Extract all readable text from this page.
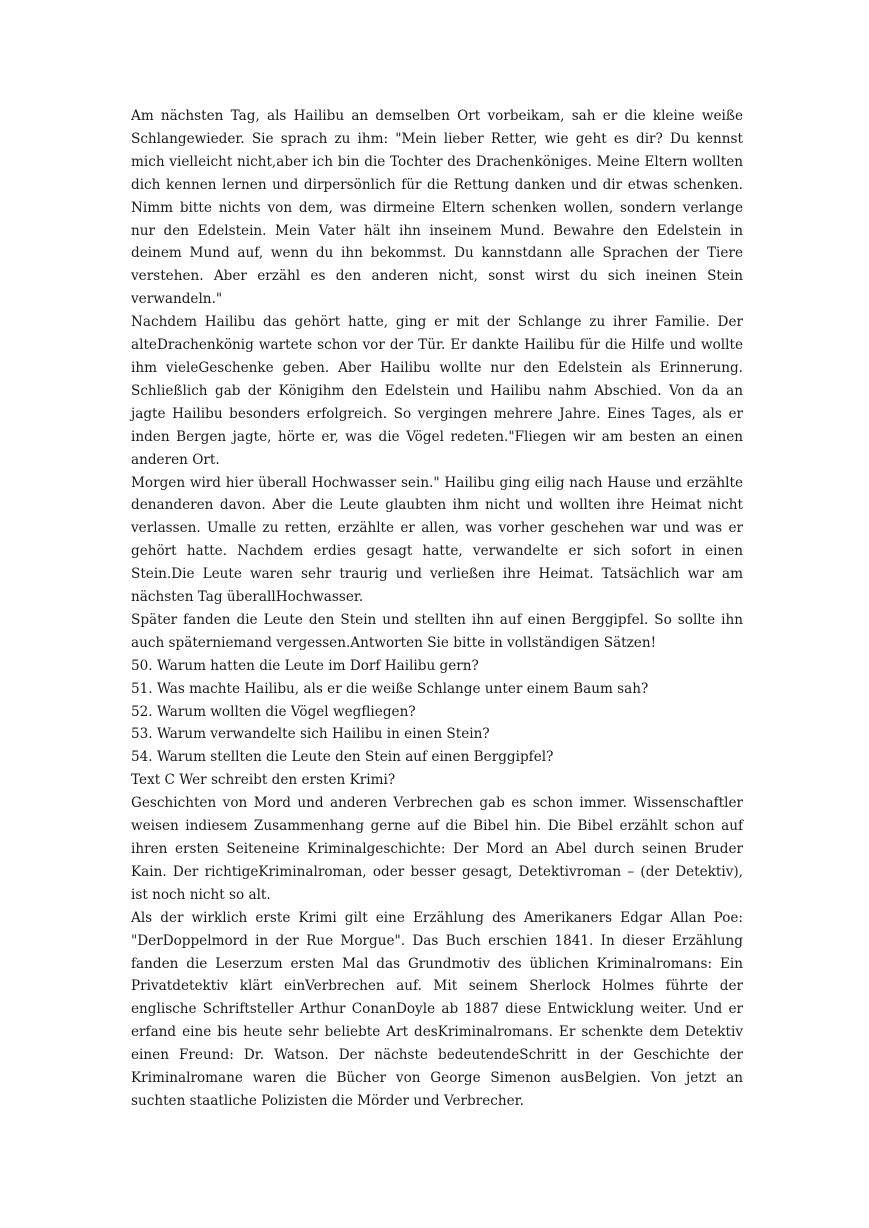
Am nächsten Tag, als Hailibu an demselben Ort vorbeikam, sah er die kleine weiße Schlangewieder. Sie sprach zu ihm: "Mein lieber Retter, wie geht es dir? Du kennst mich vielleicht nicht,aber ich bin die Tochter des Drachenköniges. Meine Eltern wollten dich kennen lernen und dirpersönlich für die Rettung danken und dir etwas schenken. Nimm bitte nichts von dem, was dirmeine Eltern schenken wollen, sondern verlange nur den Edelstein. Mein Vater hält ihn inseinem Mund. Bewahre den Edelstein in deinem Mund auf, wenn du ihn bekommst. Du kannstdann alle Sprachen der Tiere verstehen. Aber erzähl es den anderen nicht, sonst wirst du sich ineinen Stein verwandeln."

Nachdem Hailibu das gehört hatte, ging er mit der Schlange zu ihrer Familie. Der alteDrachenkönig wartete schon vor der Tür. Er dankte Hailibu für die Hilfe und wollte ihm vieleGeschenke geben. Aber Hailibu wollte nur den Edelstein als Erinnerung. Schließlich gab der Königihm den Edelstein und Hailibu nahm Abschied. Von da an jagte Hailibu besonders erfolgreich. So vergingen mehrere Jahre. Eines Tages, als er inden Bergen jagte, hörte er, was die Vögel redeten."Fliegen wir am besten an einen anderen Ort.

Morgen wird hier überall Hochwasser sein." Hailibu ging eilig nach Hause und erzählte denanderen davon. Aber die Leute glaubten ihm nicht und wollten ihre Heimat nicht verlassen. Umalle zu retten, erzählte er allen, was vorher geschehen war und was er gehört hatte. Nachdem erdies gesagt hatte, verwandelte er sich sofort in einen Stein.Die Leute waren sehr traurig und verließen ihre Heimat. Tatsächlich war am nächsten Tag überallHochwasser.

Später fanden die Leute den Stein und stellten ihn auf einen Berggipfel. So sollte ihn auch späterniemand vergessen.Antworten Sie bitte in vollständigen Sätzen!

50. Warum hatten die Leute im Dorf Hailibu gern?

51. Was machte Hailibu, als er die weiße Schlange unter einem Baum sah?

52. Warum wollten die Vögel wegfliegen?

53. Warum verwandelte sich Hailibu in einen Stein?

54. Warum stellten die Leute den Stein auf einen Berggipfel?

Text C Wer schreibt den ersten Krimi?

Geschichten von Mord und anderen Verbrechen gab es schon immer. Wissenschaftler weisen indiesem Zusammenhang gerne auf die Bibel hin. Die Bibel erzählt schon auf ihren ersten Seiteneine Kriminalgeschichte: Der Mord an Abel durch seinen Bruder Kain. Der richtigeKriminalroman, oder besser gesagt, Detektivroman – (der Detektiv), ist noch nicht so alt.

Als der wirklich erste Krimi gilt eine Erzählung des Amerikaners Edgar Allan Poe: "DerDoppelmord in der Rue Morgue". Das Buch erschien 1841. In dieser Erzählung fanden die Leserzum ersten Mal das Grundmotiv des üblichen Kriminalromans: Ein Privatdetektiv klärt einVerbrechen auf. Mit seinem Sherlock Holmes führte der englische Schriftsteller Arthur ConanDoyle ab 1887 diese Entwicklung weiter. Und er erfand eine bis heute sehr beliebte Art desKriminalromans. Er schenkte dem Detektiv einen Freund: Dr. Watson. Der nächste bedeutendeSchritt in der Geschichte der Kriminalromane waren die Bücher von George Simenon ausBelgien. Von jetzt an suchten staatliche Polizisten die Mörder und Verbrecher.
